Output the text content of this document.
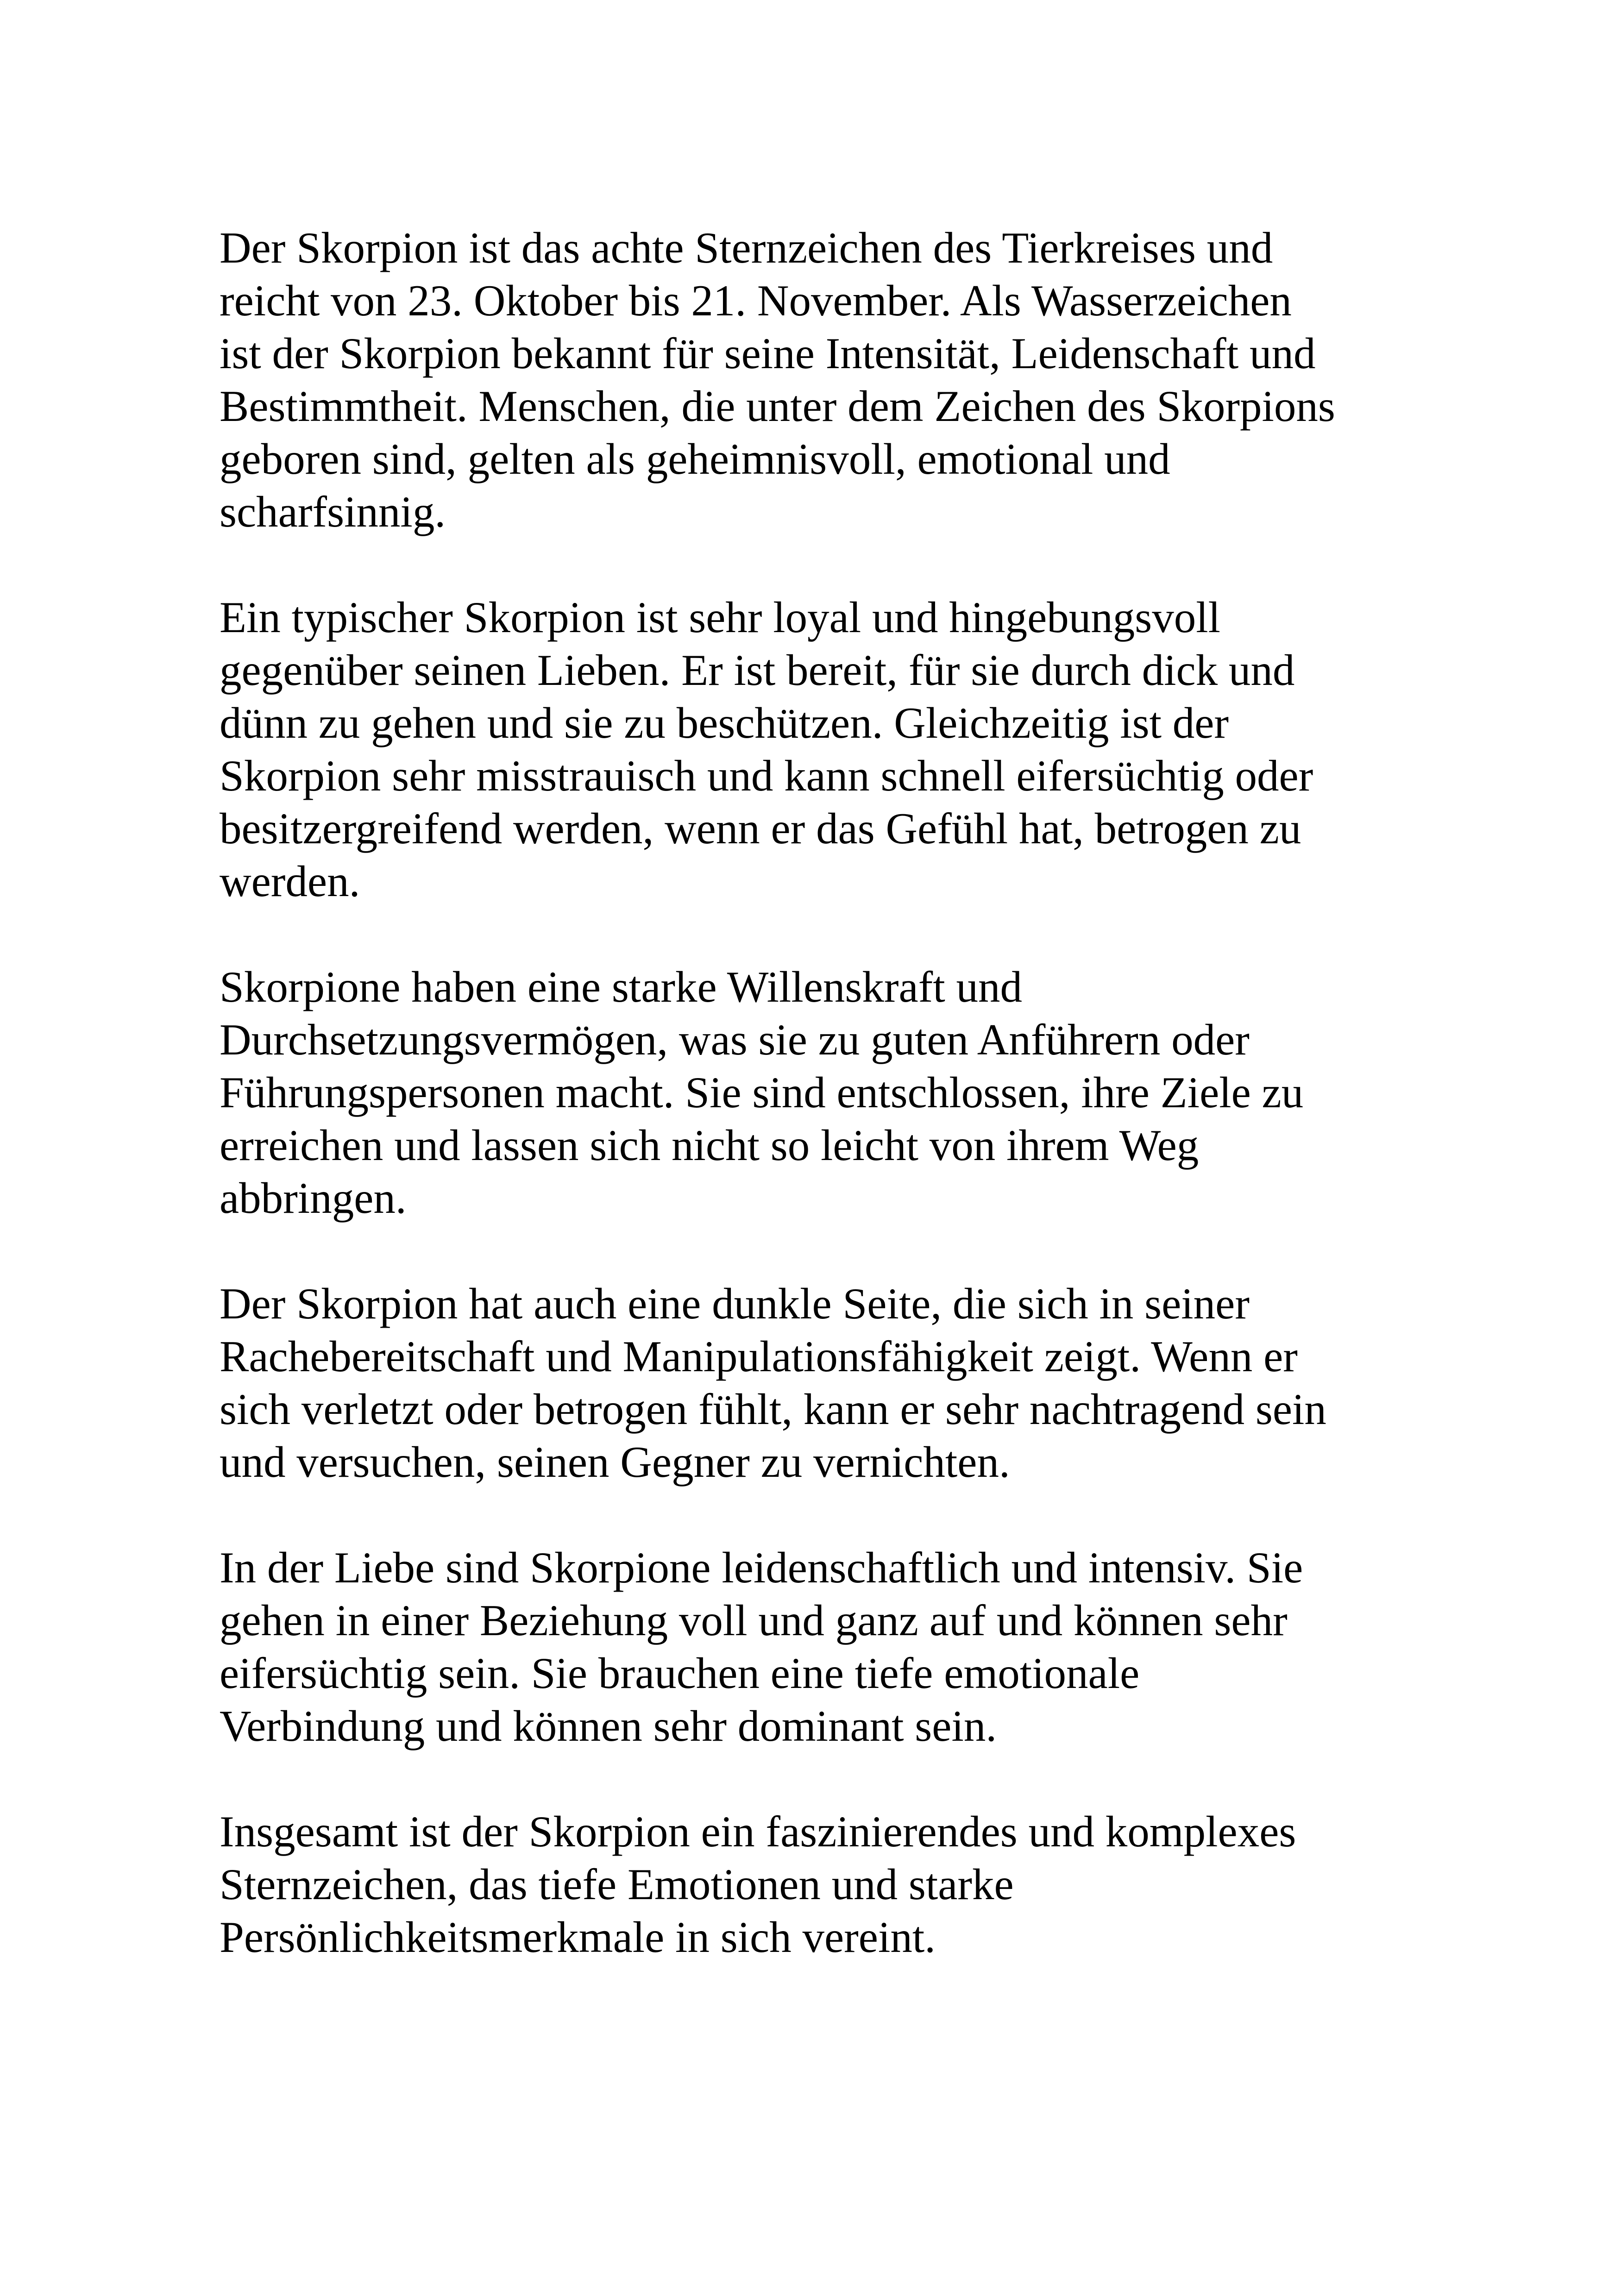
Der Skorpion ist das achte Sternzeichen des Tierkreises und
reicht von 23. Oktober bis 21. November. Als Wasserzeichen
ist der Skorpion bekannt für seine Intensität, Leidenschaft und
Bestimmtheit. Menschen, die unter dem Zeichen des Skorpions
geboren sind, gelten als geheimnisvoll, emotional und
scharfsinnig.

Ein typischer Skorpion ist sehr loyal und hingebungsvoll
gegenüber seinen Lieben. Er ist bereit, für sie durch dick und
dünn zu gehen und sie zu beschützen. Gleichzeitig ist der
Skorpion sehr misstrauisch und kann schnell eifersüchtig oder
besitzergreifend werden, wenn er das Gefühl hat, betrogen zu
werden.

Skorpione haben eine starke Willenskraft und
Durchsetzungsvermögen, was sie zu guten Anführern oder
Führungspersonen macht. Sie sind entschlossen, ihre Ziele zu
erreichen und lassen sich nicht so leicht von ihrem Weg
abbringen.

Der Skorpion hat auch eine dunkle Seite, die sich in seiner
Rachebereitschaft und Manipulationsfähigkeit zeigt. Wenn er
sich verletzt oder betrogen fühlt, kann er sehr nachtragend sein
und versuchen, seinen Gegner zu vernichten.

In der Liebe sind Skorpione leidenschaftlich und intensiv. Sie
gehen in einer Beziehung voll und ganz auf und können sehr
eifersüchtig sein. Sie brauchen eine tiefe emotionale
Verbindung und können sehr dominant sein.

Insgesamt ist der Skorpion ein faszinierendes und komplexes
Sternzeichen, das tiefe Emotionen und starke
Persönlichkeitsmerkmale in sich vereint.
